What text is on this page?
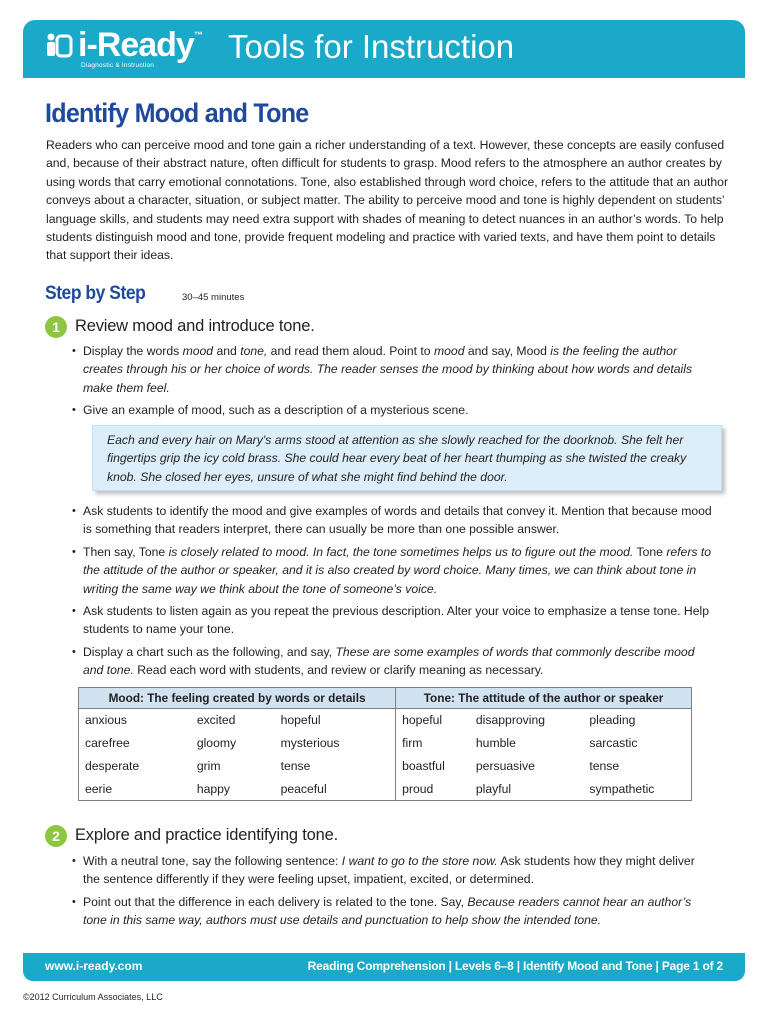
i-Ready™
Diagnostic & Instruction
Tools for Instruction
Identify Mood and Tone

Readers who can perceive mood and tone gain a richer understanding of a text. However, these concepts are easily confused and, because of their abstract nature, often difficult for students to grasp. Mood refers to the atmosphere an author creates by using words that carry emotional connotations. Tone, also established through word choice, refers to the attitude that an author conveys about a character, situation, or subject matter. The ability to perceive mood and tone is highly dependent on students’ language skills, and students may need extra support with shades of meaning to detect nuances in an author’s words. To help students distinguish mood and tone, provide frequent modeling and practice with varied texts, and have them point to details that support their ideas.

Step by Step	30–45 minutes
1 Review mood and introduce tone.
• Display the words mood and tone, and read them aloud. Point to mood and say, Mood is the feeling the author creates through his or her choice of words. The reader senses the mood by thinking about how words and details make them feel.
• Give an example of mood, such as a description of a mysterious scene.
Each and every hair on Mary’s arms stood at attention as she slowly reached for the doorknob. She felt her fingertips grip the icy cold brass. She could hear every beat of her heart thumping as she twisted the creaky knob. She closed her eyes, unsure of what she might find behind the door.
• Ask students to identify the mood and give examples of words and details that convey it. Mention that because mood is something that readers interpret, there can usually be more than one possible answer.
• Then say, Tone is closely related to mood. In fact, the tone sometimes helps us to figure out the mood. Tone refers to the attitude of the author or speaker, and it is also created by word choice. Many times, we can think about tone in writing the same way we think about the tone of someone’s voice.
• Ask students to listen again as you repeat the previous description. Alter your voice to emphasize a tense tone. Help students to name your tone.
• Display a chart such as the following, and say, These are some examples of words that commonly describe mood and tone. Read each word with students, and review or clarify meaning as necessary.
Mood: The feeling created by words or details			Tone: The attitude of the author or speaker		
anxious	excited	hopeful	hopeful	disapproving	pleading
carefree	gloomy	mysterious	firm	humble	sarcastic
desperate	grim	tense	boastful	persuasive	tense
eerie	happy	peaceful	proud	playful	sympathetic
2 Explore and practice identifying tone.
• With a neutral tone, say the following sentence: I want to go to the store now. Ask students how they might deliver the sentence differently if they were feeling upset, impatient, excited, or determined.
• Point out that the difference in each delivery is related to the tone. Say, Because readers cannot hear an author’s tone in this same way, authors must use details and punctuation to help show the intended tone.
www.i-ready.com	Reading Comprehension | Levels 6–8 | Identify Mood and Tone | Page 1 of 2
©2012 Curriculum Associates, LLC
